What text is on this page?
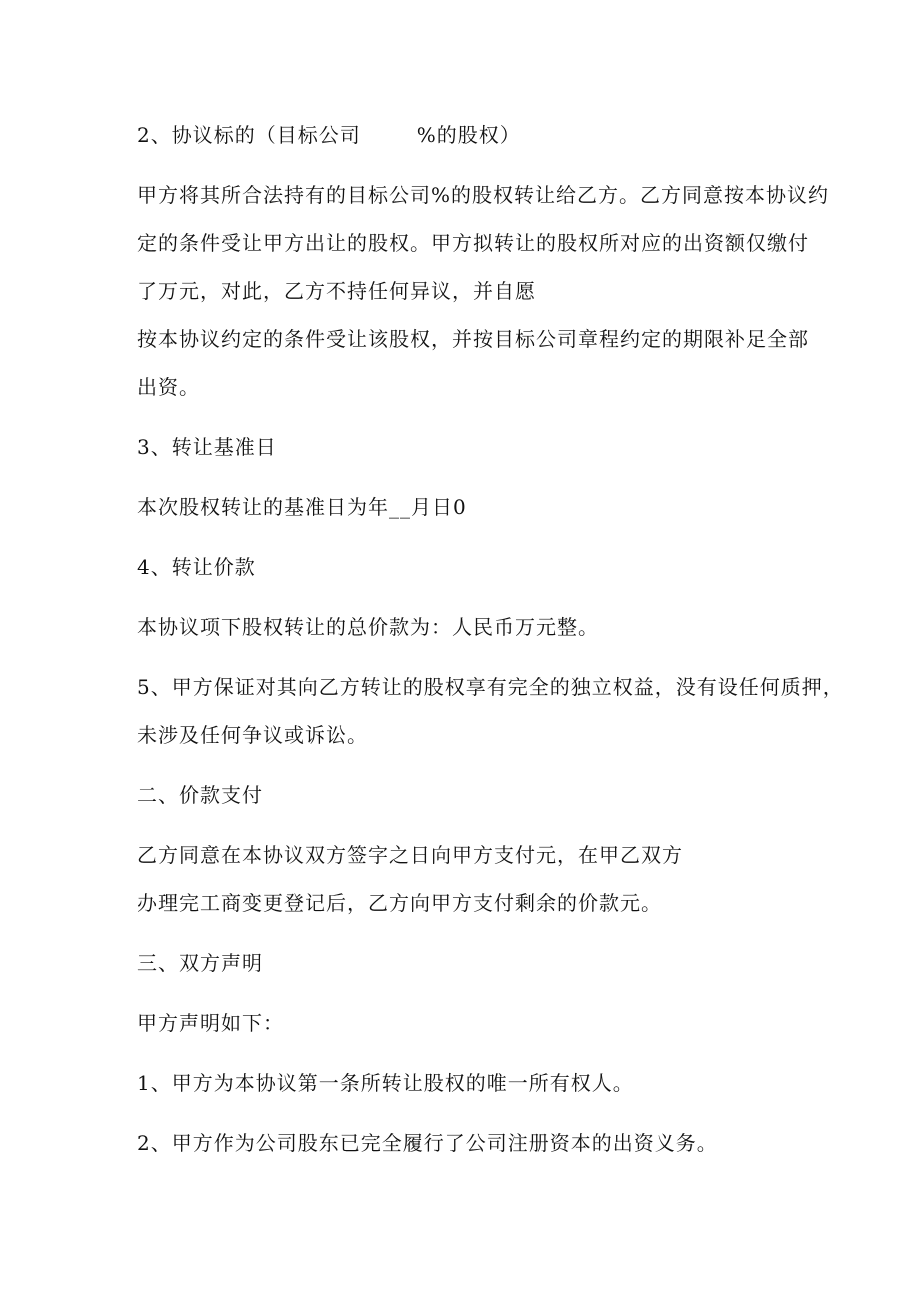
2、协议标的（目标公司	%的股权）
甲方将其所合法持有的目标公司%的股权转让给乙方。乙方同意按本协议约
定的条件受让甲方出让的股权。甲方拟转让的股权所对应的出资额仅缴付
了万元，对此，乙方不持任何异议，并自愿
按本协议约定的条件受让该股权，并按目标公司章程约定的期限补足全部
出资。
3、转让基准日
本次股权转让的基准日为年__月日0
4、转让价款
本协议项下股权转让的总价款为：人民币万元整。
5、甲方保证对其向乙方转让的股权享有完全的独立权益，没有设任何质押，
未涉及任何争议或诉讼。
二、价款支付
乙方同意在本协议双方签字之日向甲方支付元，在甲乙双方
办理完工商变更登记后，乙方向甲方支付剩余的价款元。
三、双方声明
甲方声明如下：
1、甲方为本协议第一条所转让股权的唯一所有权人。
2、甲方作为公司股东已完全履行了公司注册资本的出资义务。
